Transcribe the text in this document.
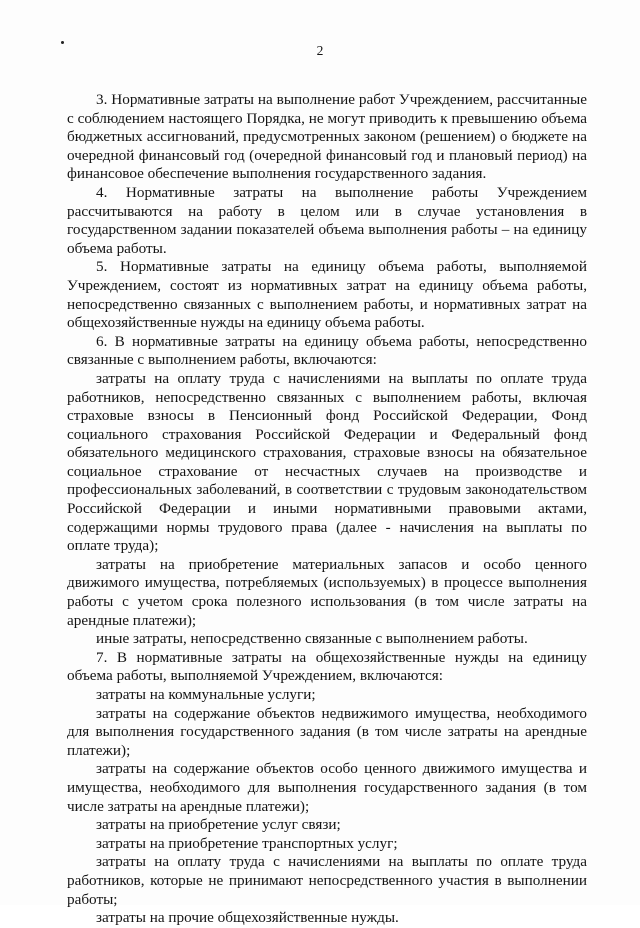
2

3. Нормативные затраты на выполнение работ Учреждением, рассчитанные с соблюдением настоящего Порядка, не могут приводить к превышению объема бюджетных ассигнований, предусмотренных законом (решением) о бюджете на очередной финансовый год (очередной финансовый год и плановый период) на финансовое обеспечение выполнения государственного задания.

4. Нормативные затраты на выполнение работы Учреждением рассчитываются на работу в целом или в случае установления в государственном задании показателей объема выполнения работы – на единицу объема работы.

5. Нормативные затраты на единицу объема работы, выполняемой Учреждением, состоят из нормативных затрат на единицу объема работы, непосредственно связанных с выполнением работы, и нормативных затрат на общехозяйственные нужды на единицу объема работы.

6. В нормативные затраты на единицу объема работы, непосредственно связанные с выполнением работы, включаются:

затраты на оплату труда с начислениями на выплаты по оплате труда работников, непосредственно связанных с выполнением работы, включая страховые взносы в Пенсионный фонд Российской Федерации, Фонд социального страхования Российской Федерации и Федеральный фонд обязательного медицинского страхования, страховые взносы на обязательное социальное страхование от несчастных случаев на производстве и профессиональных заболеваний, в соответствии с трудовым законодательством Российской Федерации и иными нормативными правовыми актами, содержащими нормы трудового права (далее - начисления на выплаты по оплате труда);

затраты на приобретение материальных запасов и особо ценного движимого имущества, потребляемых (используемых) в процессе выполнения работы с учетом срока полезного использования (в том числе затраты на арендные платежи);

иные затраты, непосредственно связанные с выполнением работы.

7. В нормативные затраты на общехозяйственные нужды на единицу объема работы, выполняемой Учреждением, включаются:

затраты на коммунальные услуги;

затраты на содержание объектов недвижимого имущества, необходимого для выполнения государственного задания (в том числе затраты на арендные платежи);

затраты на содержание объектов особо ценного движимого имущества и имущества, необходимого для выполнения государственного задания (в том числе затраты на арендные платежи);

затраты на приобретение услуг связи;

затраты на приобретение транспортных услуг;

затраты на оплату труда с начислениями на выплаты по оплате труда работников, которые не принимают непосредственного участия в выполнении работы;

затраты на прочие общехозяйственные нужды.
